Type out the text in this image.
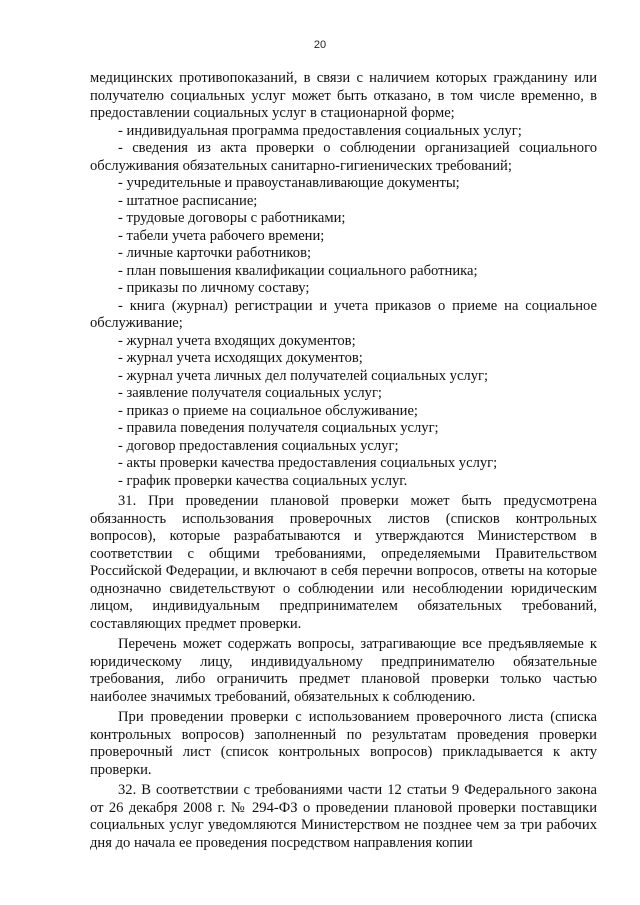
20

медицинских противопоказаний, в связи с наличием которых гражданину или получателю социальных услуг может быть отказано, в том числе временно, в предоставлении социальных услуг в стационарной форме;

- индивидуальная программа предоставления социальных услуг;

- сведения из акта проверки о соблюдении организацией социального обслуживания обязательных санитарно-гигиенических требований;

- учредительные и правоустанавливающие документы;

- штатное расписание;

- трудовые договоры с работниками;

- табели учета рабочего времени;

- личные карточки работников;

- план повышения квалификации социального работника;

- приказы по личному составу;

- книга (журнал) регистрации и учета приказов о приеме на социальное обслуживание;

- журнал учета входящих документов;

- журнал учета исходящих документов;

- журнал учета личных дел получателей социальных услуг;

- заявление получателя социальных услуг;

- приказ о приеме на социальное обслуживание;

- правила поведения получателя социальных услуг;

- договор предоставления социальных услуг;

- акты проверки качества предоставления социальных услуг;

- график проверки качества социальных услуг.

31. При проведении плановой проверки может быть предусмотрена обязанность использования проверочных листов (списков контрольных вопросов), которые разрабатываются и утверждаются Министерством в соответствии с общими требованиями, определяемыми Правительством Российской Федерации, и включают в себя перечни вопросов, ответы на которые однозначно свидетельствуют о соблюдении или несоблюдении юридическим лицом, индивидуальным предпринимателем обязательных требований, составляющих предмет проверки.

Перечень может содержать вопросы, затрагивающие все предъявляемые к юридическому лицу, индивидуальному предпринимателю обязательные требования, либо ограничить предмет плановой проверки только частью наиболее значимых требований, обязательных к соблюдению.

При проведении проверки с использованием проверочного листа (списка контрольных вопросов) заполненный по результатам проведения проверки проверочный лист (список контрольных вопросов) прикладывается к акту проверки.

32. В соответствии с требованиями части 12 статьи 9 Федерального закона от 26 декабря 2008 г. № 294-ФЗ о проведении плановой проверки поставщики социальных услуг уведомляются Министерством не позднее чем за три рабочих дня до начала ее проведения посредством направления копии
